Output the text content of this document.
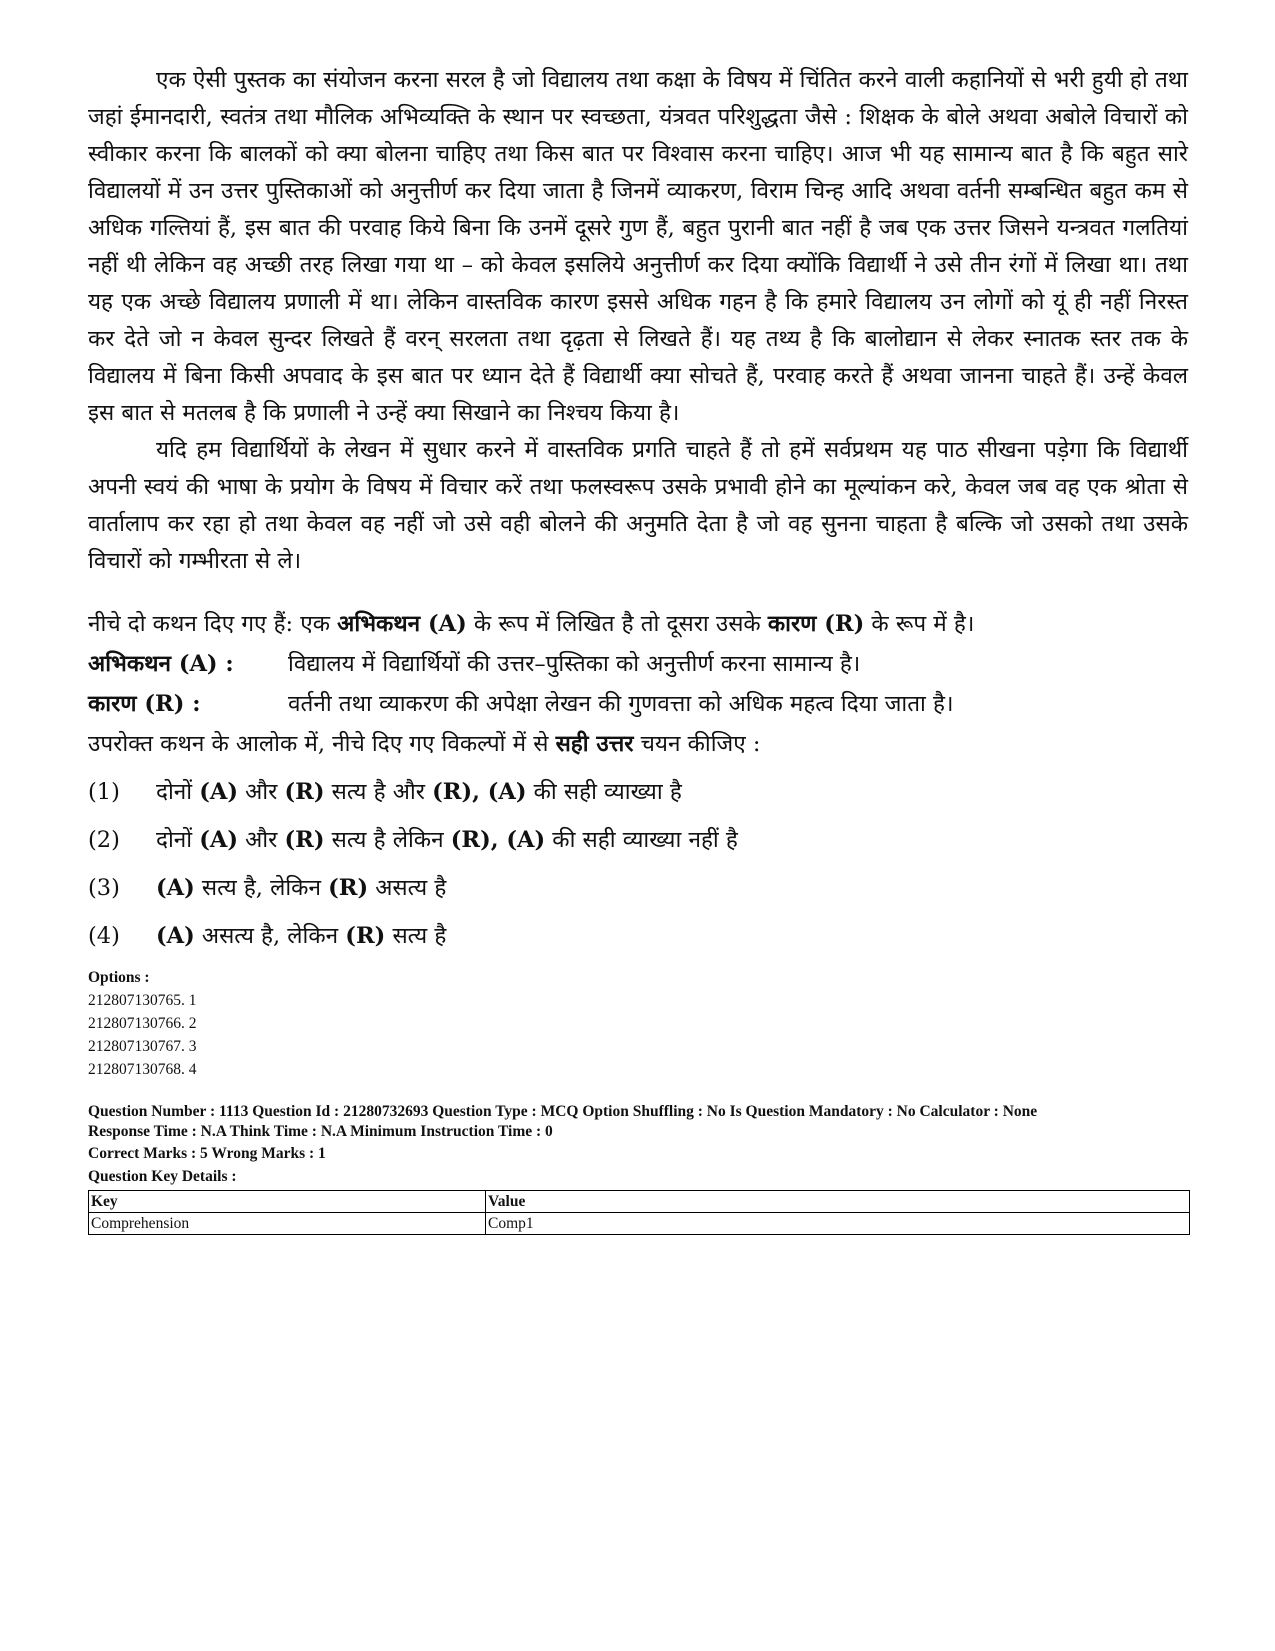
एक ऐसी पुस्तक का संयोजन करना सरल है जो विद्यालय तथा कक्षा के विषय में चिंतित करने वाली कहानियों से भरी हुयी हो तथा जहां ईमानदारी, स्वतंत्र तथा मौलिक अभिव्यक्ति के स्थान पर स्वच्छता, यंत्रवत परिशुद्धता जैसे : शिक्षक के बोले अथवा अबोले विचारों को स्वीकार करना कि बालकों को क्या बोलना चाहिए तथा किस बात पर विश्वास करना चाहिए। आज भी यह सामान्य बात है कि बहुत सारे विद्यालयों में उन उत्तर पुस्तिकाओं को अनुत्तीर्ण कर दिया जाता है जिनमें व्याकरण, विराम चिन्ह आदि अथवा वर्तनी सम्बन्धित बहुत कम से अधिक गल्तियां हैं, इस बात की परवाह किये बिना कि उनमें दूसरे गुण हैं, बहुत पुरानी बात नहीं है जब एक उत्तर जिसने यन्त्रवत गलतियां नहीं थी लेकिन वह अच्छी तरह लिखा गया था – को केवल इसलिये अनुत्तीर्ण कर दिया क्योंकि विद्यार्थी ने उसे तीन रंगों में लिखा था। तथा यह एक अच्छे विद्यालय प्रणाली में था। लेकिन वास्तविक कारण इससे अधिक गहन है कि हमारे विद्यालय उन लोगों को यूं ही नहीं निरस्त कर देते जो न केवल सुन्दर लिखते हैं वरन् सरलता तथा दृढ़ता से लिखते हैं। यह तथ्य है कि बालोद्यान से लेकर स्नातक स्तर तक के विद्यालय में बिना किसी अपवाद के इस बात पर ध्यान देते हैं विद्यार्थी क्या सोचते हैं, परवाह करते हैं अथवा जानना चाहते हैं। उन्हें केवल इस बात से मतलब है कि प्रणाली ने उन्हें क्या सिखाने का निश्चय किया है।

यदि हम विद्यार्थियों के लेखन में सुधार करने में वास्तविक प्रगति चाहते हैं तो हमें सर्वप्रथम यह पाठ सीखना पड़ेगा कि विद्यार्थी अपनी स्वयं की भाषा के प्रयोग के विषय में विचार करें तथा फलस्वरूप उसके प्रभावी होने का मूल्यांकन करे, केवल जब वह एक श्रोता से वार्तालाप कर रहा हो तथा केवल वह नहीं जो उसे वही बोलने की अनुमति देता है जो वह सुनना चाहता है बल्कि जो उसको तथा उसके विचारों को गम्भीरता से ले।

नीचे दो कथन दिए गए हैं: एक अभिकथन (A) के रूप में लिखित है तो दूसरा उसके कारण (R) के रूप में है।

अभिकथन (A) : विद्यालय में विद्यार्थियों की उत्तर–पुस्तिका को अनुत्तीर्ण करना सामान्य है।

कारण (R) :	वर्तनी तथा व्याकरण की अपेक्षा लेखन की गुणवत्ता को अधिक महत्व दिया जाता है।

उपरोक्त कथन के आलोक में, नीचे दिए गए विकल्पों में से सही उत्तर चयन कीजिए :

(1) दोनों (A) और (R) सत्य है और (R), (A) की सही व्याख्या है

(2) दोनों (A) और (R) सत्य है लेकिन (R), (A) की सही व्याख्या नहीं है

(3) (A) सत्य है, लेकिन (R) असत्य है

(4) (A) असत्य है, लेकिन (R) सत्य है

Options :

212807130765. 1

212807130766. 2

212807130767. 3

212807130768. 4

Question Number : 1113 Question Id : 21280732693 Question Type : MCQ Option Shuffling : No Is Question Mandatory : No Calculator : None

Response Time : N.A Think Time : N.A Minimum Instruction Time : 0

Correct Marks : 5 Wrong Marks : 1

Question Key Details :

Key	Value
Comprehension	Comp1
